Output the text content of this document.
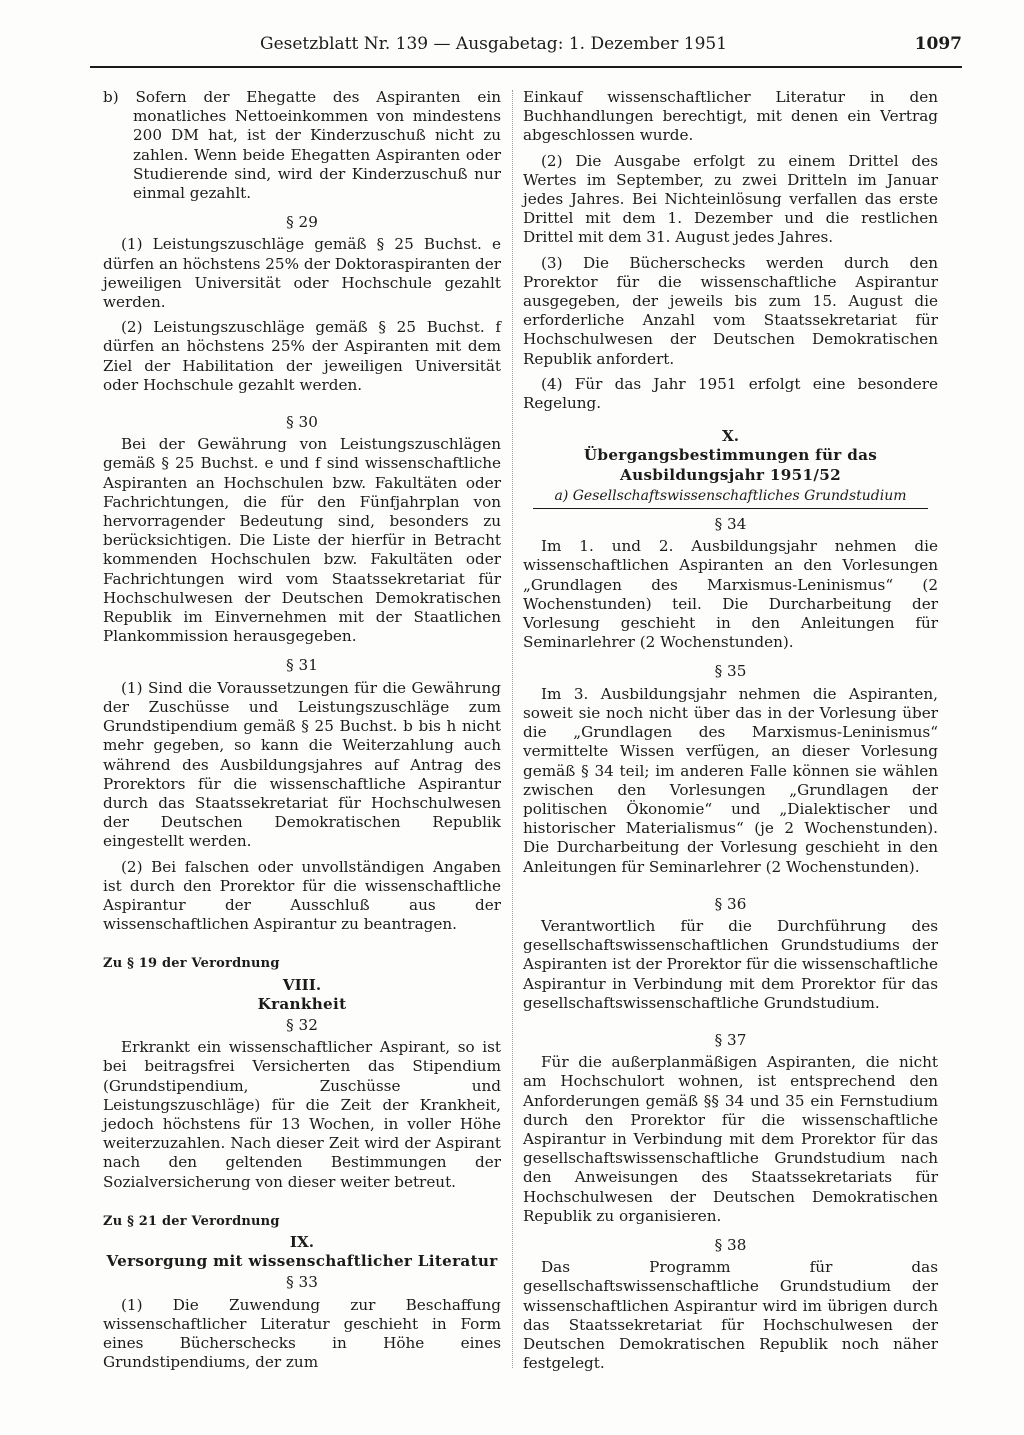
Gesetzblatt Nr. 139 — Ausgabetag: 1. Dezember 1951	1097

b) Sofern der Ehegatte des Aspiranten ein monatliches Nettoeinkommen von mindestens 200 DM hat, ist der Kinderzuschuß nicht zu zahlen. Wenn beide Ehegatten Aspiranten oder Studierende sind, wird der Kinderzuschuß nur einmal gezahlt.

§ 29

(1) Leistungszuschläge gemäß § 25 Buchst. e dürfen an höchstens 25% der Doktoraspiranten der jeweiligen Universität oder Hochschule gezahlt werden.

(2) Leistungszuschläge gemäß § 25 Buchst. f dürfen an höchstens 25% der Aspiranten mit dem Ziel der Habilitation der jeweiligen Universität oder Hochschule gezahlt werden.

§ 30

Bei der Gewährung von Leistungszuschlägen gemäß § 25 Buchst. e und f sind wissenschaftliche Aspiranten an Hochschulen bzw. Fakultäten oder Fachrichtungen, die für den Fünfjahrplan von hervorragender Bedeutung sind, besonders zu berücksichtigen. Die Liste der hierfür in Betracht kommenden Hochschulen bzw. Fakultäten oder Fachrichtungen wird vom Staatssekretariat für Hochschulwesen der Deutschen Demokratischen Republik im Einvernehmen mit der Staatlichen Plankommission herausgegeben.

§ 31

(1) Sind die Voraussetzungen für die Gewährung der Zuschüsse und Leistungszuschläge zum Grundstipendium gemäß § 25 Buchst. b bis h nicht mehr gegeben, so kann die Weiterzahlung auch während des Ausbildungsjahres auf Antrag des Prorektors für die wissenschaftliche Aspirantur durch das Staatssekretariat für Hochschulwesen der Deutschen Demokratischen Republik eingestellt werden.

(2) Bei falschen oder unvollständigen Angaben ist durch den Prorektor für die wissenschaftliche Aspirantur der Ausschluß aus der wissenschaftlichen Aspirantur zu beantragen.

Zu § 19 der Verordnung
VIII.
Krankheit
§ 32

Erkrankt ein wissenschaftlicher Aspirant, so ist bei beitragsfrei Versicherten das Stipendium (Grundstipendium, Zuschüsse und Leistungszuschläge) für die Zeit der Krankheit, jedoch höchstens für 13 Wochen, in voller Höhe weiterzuzahlen. Nach dieser Zeit wird der Aspirant nach den geltenden Bestimmungen der Sozialversicherung von dieser weiter betreut.

Zu § 21 der Verordnung
IX.
Versorgung mit wissenschaftlicher Literatur
§ 33

(1) Die Zuwendung zur Beschaffung wissenschaftlicher Literatur geschieht in Form eines Bücherschecks in Höhe eines Grundstipendiums, der zum

Einkauf wissenschaftlicher Literatur in den Buchhandlungen berechtigt, mit denen ein Vertrag abgeschlossen wurde.

(2) Die Ausgabe erfolgt zu einem Drittel des Wertes im September, zu zwei Dritteln im Januar jedes Jahres. Bei Nichteinlösung verfallen das erste Drittel mit dem 1. Dezember und die restlichen Drittel mit dem 31. August jedes Jahres.

(3) Die Bücherschecks werden durch den Prorektor für die wissenschaftliche Aspirantur ausgegeben, der jeweils bis zum 15. August die erforderliche Anzahl vom Staatssekretariat für Hochschulwesen der Deutschen Demokratischen Republik anfordert.

(4) Für das Jahr 1951 erfolgt eine besondere Regelung.

X.
Übergangsbestimmungen für das Ausbildungsjahr 1951/52
a) Gesellschaftswissenschaftliches Grundstudium
§ 34

Im 1. und 2. Ausbildungsjahr nehmen die wissenschaftlichen Aspiranten an den Vorlesungen „Grundlagen des Marxismus-Leninismus“ (2 Wochenstunden) teil. Die Durcharbeitung der Vorlesung geschieht in den Anleitungen für Seminarlehrer (2 Wochenstunden).

§ 35

Im 3. Ausbildungsjahr nehmen die Aspiranten, soweit sie noch nicht über das in der Vorlesung über die „Grundlagen des Marxismus-Leninismus“ vermittelte Wissen verfügen, an dieser Vorlesung gemäß § 34 teil; im anderen Falle können sie wählen zwischen den Vorlesungen „Grundlagen der politischen Ökonomie“ und „Dialektischer und historischer Materialismus“ (je 2 Wochenstunden). Die Durcharbeitung der Vorlesung geschieht in den Anleitungen für Seminarlehrer (2 Wochenstunden).

§ 36

Verantwortlich für die Durchführung des gesellschaftswissenschaftlichen Grundstudiums der Aspiranten ist der Prorektor für die wissenschaftliche Aspirantur in Verbindung mit dem Prorektor für das gesellschaftswissenschaftliche Grundstudium.

§ 37

Für die außerplanmäßigen Aspiranten, die nicht am Hochschulort wohnen, ist entsprechend den Anforderungen gemäß §§ 34 und 35 ein Fernstudium durch den Prorektor für die wissenschaftliche Aspirantur in Verbindung mit dem Prorektor für das gesellschaftswissenschaftliche Grundstudium nach den Anweisungen des Staatssekretariats für Hochschulwesen der Deutschen Demokratischen Republik zu organisieren.

§ 38

Das Programm für das gesellschaftswissenschaftliche Grundstudium der wissenschaftlichen Aspirantur wird im übrigen durch das Staatssekretariat für Hochschulwesen der Deutschen Demokratischen Republik noch näher festgelegt.
